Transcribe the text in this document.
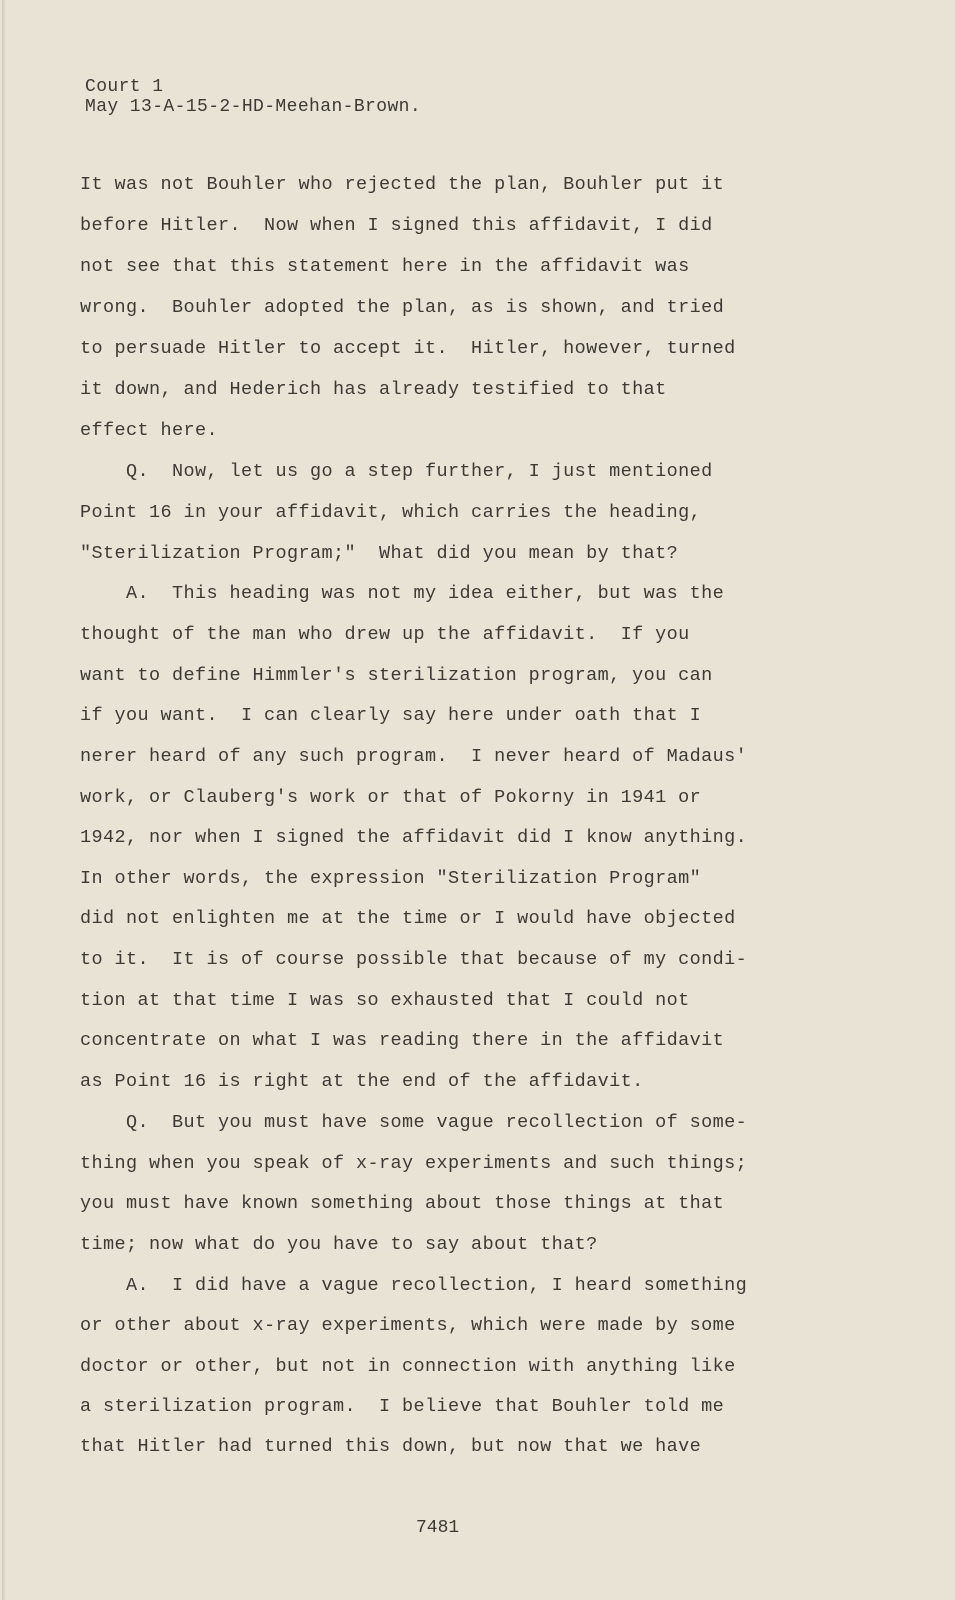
Court 1

May 13-A-15-2-HD-Meehan-Brown.

It was not Bouhler who rejected the plan, Bouhler put it

before Hitler.  Now when I signed this affidavit, I did

not see that this statement here in the affidavit was

wrong.  Bouhler adopted the plan, as is shown, and tried

to persuade Hitler to accept it.  Hitler, however, turned

it down, and Hederich has already testified to that

effect here.

Q.  Now, let us go a step further, I just mentioned

Point 16 in your affidavit, which carries the heading,

"Sterilization Program;"  What did you mean by that?

A.  This heading was not my idea either, but was the

thought of the man who drew up the affidavit.  If you

want to define Himmler's sterilization program, you can

if you want.  I can clearly say here under oath that I

nerer heard of any such program.  I never heard of Madaus'

work, or Clauberg's work or that of Pokorny in 1941 or

1942, nor when I signed the affidavit did I know anything.

In other words, the expression "Sterilization Program"

did not enlighten me at the time or I would have objected

to it.  It is of course possible that because of my condi-

tion at that time I was so exhausted that I could not

concentrate on what I was reading there in the affidavit

as Point 16 is right at the end of the affidavit.

Q.  But you must have some vague recollection of some-

thing when you speak of x-ray experiments and such things;

you must have known something about those things at that

time; now what do you have to say about that?

A.  I did have a vague recollection, I heard something

or other about x-ray experiments, which were made by some

doctor or other, but not in connection with anything like

a sterilization program.  I believe that Bouhler told me

that Hitler had turned this down, but now that we have

7481
